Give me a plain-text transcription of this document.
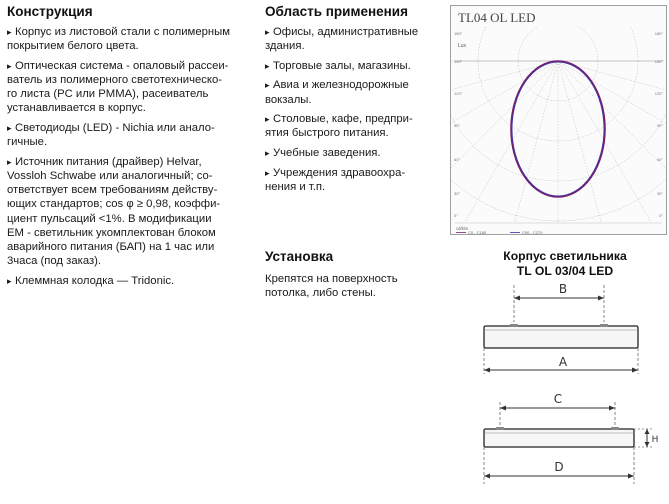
Конструкция
▸ Корпус из листовой стали с полимерным
покрытием белого цвета.
▸ Оптическая система - опаловый рассеи-
ватель из полимерного светотехническо-
го листа (PC или PMMA), расеиватель
устанавливается в корпус.
▸ Светодиоды (LED) - Nichia или анало-
гичные.
▸ Источник питания (драйвер) Helvar,
Vossloh Schwabe или аналогичный; со-
ответствует всем требованиям действу-
ющих стандартов; cos φ ≥ 0,98, коэффи-
циент пульсаций <1%. В модификации
EM - светильник укомплектован блоком
аварийного питания (БАП) на 1 час или
3часа (под заказ).
▸ Клеммная колодка — Tridonic.
Область применения
▸ Офисы, административные
здания.
▸ Торговые залы, магазины.
▸ Авиа и железнодорожные
вокзалы.
▸ Столовые, кафе, предпри-
ятия быстрого питания.
▸ Учебные заведения.
▸ Учреждения здравоохра-
нения и т.п.
Установка
Крепятся на поверхность
потолка, либо стены.
Корпус светильника
TL OL 03/04 LED
TL04 OL LED
180°	180°
150°	150°
120°	120°
90°	90°
60°	60°
30°	30°
0°	0°
cd/klm
C0 - C180	C90 - C270
Lux
B
A
C
H
D
